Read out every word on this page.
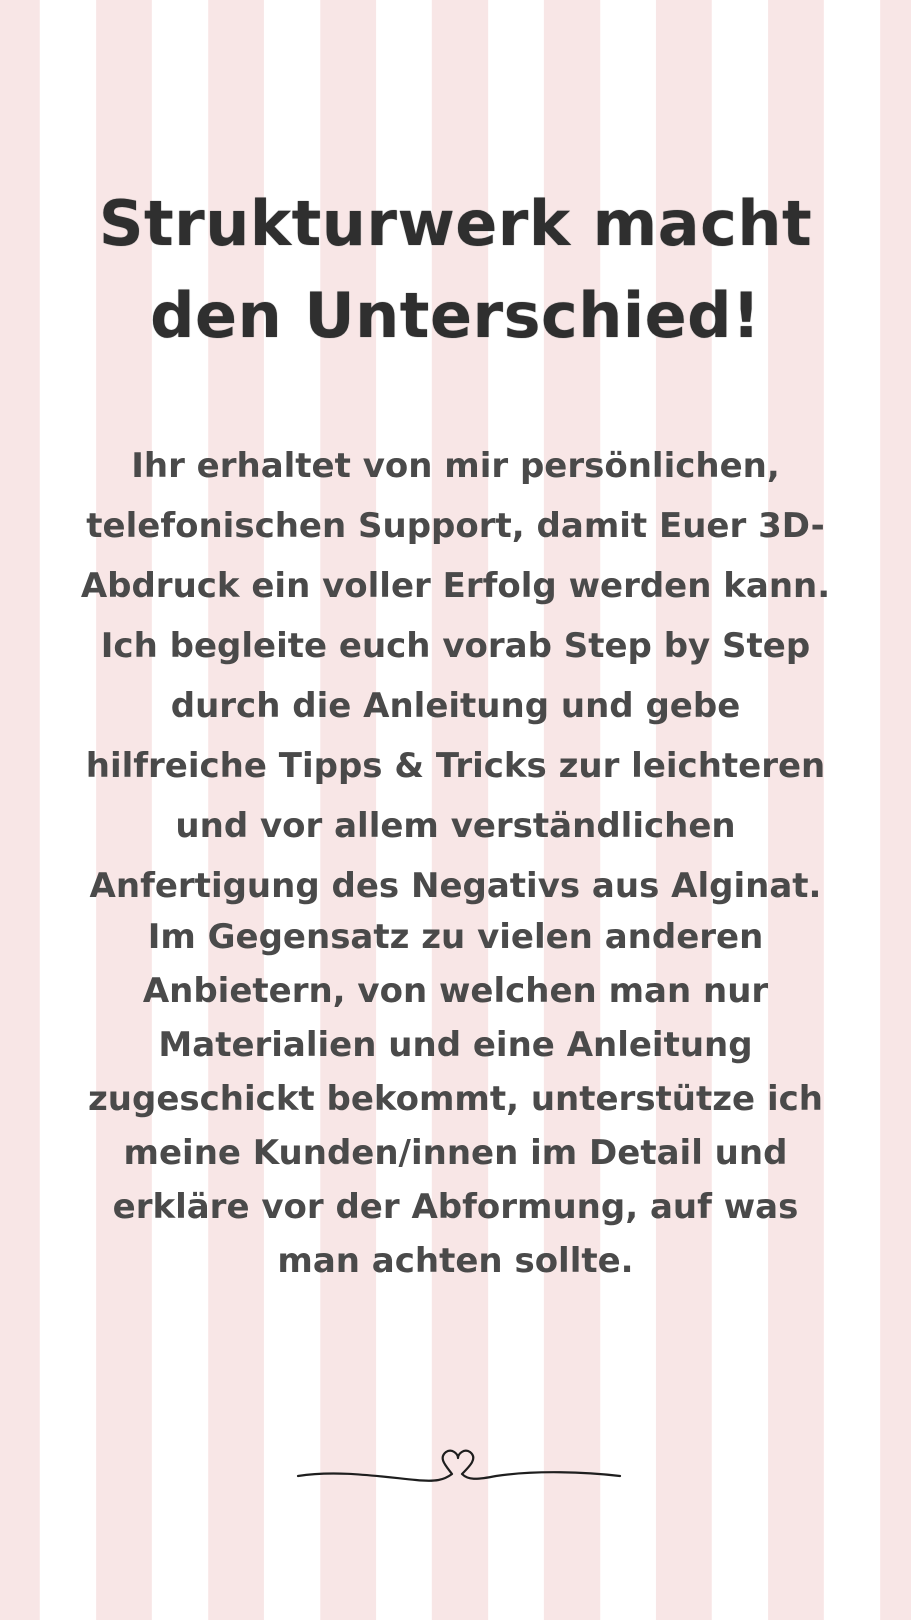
Strukturwerk macht den Unterschied!

Ihr erhaltet von mir persönlichen, telefonischen Support, damit Euer 3D-Abdruck ein voller Erfolg werden kann. Ich begleite euch vorab Step by Step durch die Anleitung und gebe hilfreiche Tipps & Tricks zur leichteren und vor allem verständlichen Anfertigung des Negativs aus Alginat.

Im Gegensatz zu vielen anderen Anbietern, von welchen man nur Materialien und eine Anleitung zugeschickt bekommt, unterstütze ich meine Kunden/innen im Detail und erkläre vor der Abformung, auf was man achten sollte.
